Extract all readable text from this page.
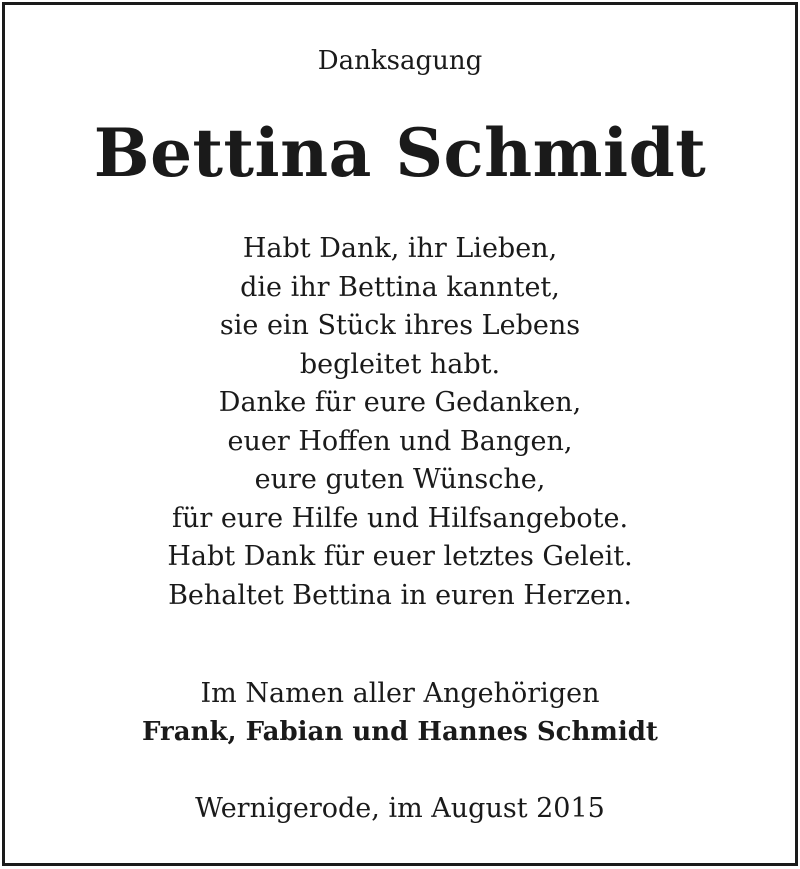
Danksagung
Bettina Schmidt
Habt Dank, ihr Lieben,
die ihr Bettina kanntet,
sie ein Stück ihres Lebens
begleitet habt.
Danke für eure Gedanken,
euer Hoffen und Bangen,
eure guten Wünsche,
für eure Hilfe und Hilfsangebote.
Habt Dank für euer letztes Geleit.
Behaltet Bettina in euren Herzen.
Im Namen aller Angehörigen
Frank, Fabian und Hannes Schmidt
Wernigerode, im August 2015
